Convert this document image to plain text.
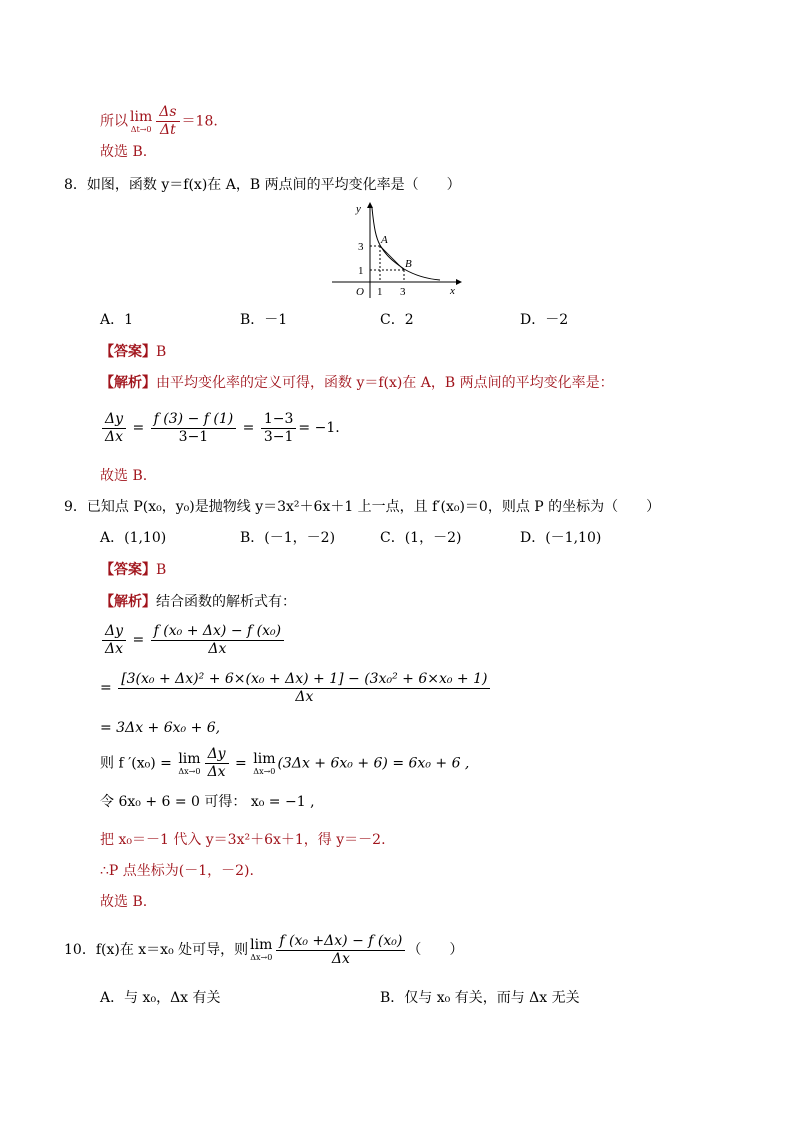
所以 lim
$\Delta t\to 0 \frac{\Delta s}{\Delta t} =18$.
故选 B.
8．如图，函数 y＝f(x)在 A，B 两点间的平均变化率是（　　）
y
x
O
3
1
1 3
A
B
A．1	B．－1	C．2	D．－2
【答案】B
【解析】由平均变化率的定义可得，函数 y＝f(x)在 A，B 两点间的平均变化率是：
$\frac{\Delta y}{\Delta x} = \frac{f (3) - f (1)}{3-1} = \frac{1-3}{3-1} = -1$.
故选 B.
9．已知点 P(x₀，y₀)是抛物线 y＝3x²＋6x＋1 上一点，且 f′(x₀)＝0，则点 P 的坐标为（　　）
A．(1,10)	B．(－1，－2)	C．(1，－2)	D．(－1,10)
【答案】B
【解析】结合函数的解析式有：
$\frac{\Delta y}{\Delta x} = \frac{\text{f (x₀ + Δx) − f (x₀)}}{\Delta x}$
= $\frac{\text{[3(x₀ + Δx)² + 6×(x₀ + Δx) + 1] − (3x₀² + 6×x₀ + 1)}}{\Delta x}$
= 3Δx + 6x₀ + 6,
则 f ′(x₀) = lim
$\Delta x\to 0 \frac{\Delta y}{\Delta x} = \lim$
Δx→0 (3Δx + 6x₀ + 6) = 6x₀ + 6 ,
令 6x₀ + 6 = 0 可得： x₀ = −1 ,
把 x₀＝－1 代入 y＝3x²＋6x＋1，得 y＝－2.
∴P 点坐标为(－1，－2).
故选 B.
10．f(x)在 x＝x₀ 处可导，则 lim
$\Delta x\to 0 \frac{\text{f (x₀ +Δx) − f (x₀)}}{\Delta x}$ （　　）
A．与 x₀，Δx 有关	B．仅与 x₀ 有关，而与 Δx 无关
